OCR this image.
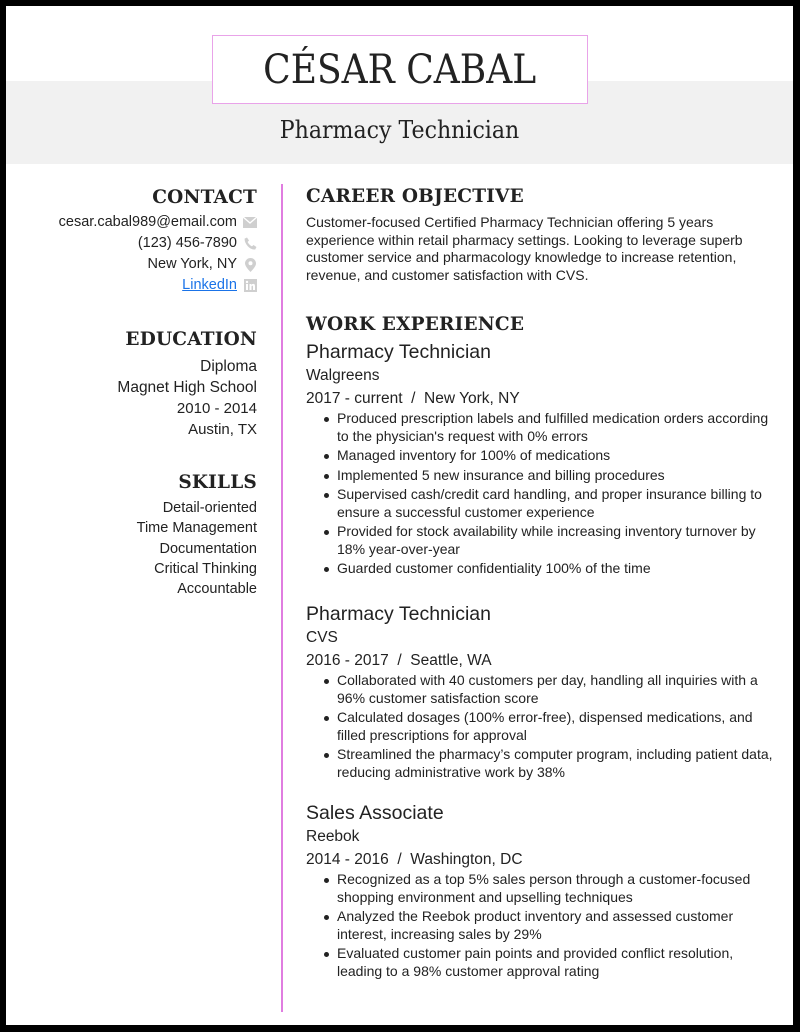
CÉSAR CABAL
Pharmacy Technician
CONTACT
cesar.cabal989@email.com
(123) 456-7890
New York, NY
LinkedIn
EDUCATION
Diploma
Magnet High School
2010 - 2014
Austin, TX
SKILLS
Detail-oriented
Time Management
Documentation
Critical Thinking
Accountable
CAREER OBJECTIVE
Customer-focused Certified Pharmacy Technician offering 5 years experience within retail pharmacy settings. Looking to leverage superb customer service and pharmacology knowledge to increase retention, revenue, and customer satisfaction with CVS.
WORK EXPERIENCE
Pharmacy Technician
Walgreens
2017 - current  /  New York, NY
Produced prescription labels and fulfilled medication orders according to the physician's request with 0% errors
Managed inventory for 100% of medications
Implemented 5 new insurance and billing procedures
Supervised cash/credit card handling, and proper insurance billing to ensure a successful customer experience
Provided for stock availability while increasing inventory turnover by 18% year-over-year
Guarded customer confidentiality 100% of the time
Pharmacy Technician
CVS
2016 - 2017  /  Seattle, WA
Collaborated with 40 customers per day, handling all inquiries with a 96% customer satisfaction score
Calculated dosages (100% error-free), dispensed medications, and filled prescriptions for approval
Streamlined the pharmacy’s computer program, including patient data, reducing administrative work by 38%
Sales Associate
Reebok
2014 - 2016  /  Washington, DC
Recognized as a top 5% sales person through a customer-focused shopping environment and upselling techniques
Analyzed the Reebok product inventory and assessed customer interest, increasing sales by 29%
Evaluated customer pain points and provided conflict resolution, leading to a 98% customer approval rating
